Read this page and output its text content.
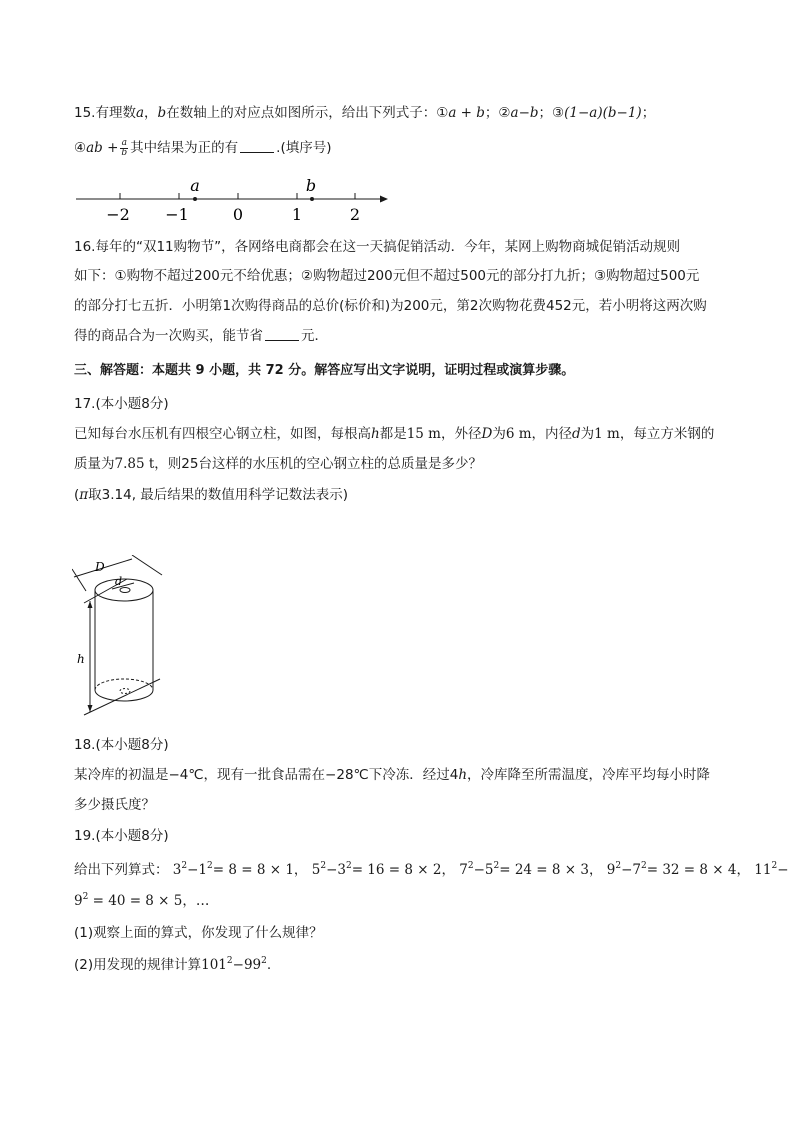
15.有理数a，b在数轴上的对应点如图所示，给出下列式子：①a + b；②a−b；③(1−a)(b−1)；
④ab + $\frac{a}{b}$ 其中结果为正的有	.(填序号)
−2 −1	0	1	2
a	b
16.每年的“双11购物节”，各网络电商都会在这一天搞促销活动．今年，某网上购物商城促销活动规则
如下：①购物不超过200元不给优惠；②购物超过200元但不超过500元的部分打九折；③购物超过500元
的部分打七五折．小明第1次购得商品的总价(标价和)为200元，第2次购物花费452元，若小明将这两次购
得的商品合为一次购买，能节省	元．
三、解答题：本题共 9 小题，共 72 分。解答应写出文字说明，证明过程或演算步骤。
17.(本小题8分)
已知每台水压机有四根空心钢立柱，如图，每根高h都是15 m，外径D为6 m，内径d为1 m，每立方米钢的
质量为7.85 t，则25台这样的水压机的空心钢立柱的总质量是多少？
(π取3.14, 最后结果的数值用科学记数法表示)
D
d
h
18.(本小题8分)
某冷库的初温是−4℃，现有一批食品需在−28℃下冷冻．经过4h，冷库降至所需温度，冷库平均每小时降
多少摄氏度？
19.(本小题8分)
给出下列算式： $3^2-1^2= 8 = 8 \times 1$， $5^2-3^2= 16 = 8 \times 2$， $7^2-5^2= 24 = 8 \times 3$， $9^2-7^2= 32 = 8 \times 4$， $11^2-$
$9^2 = 40 = 8 \times 5$，…
(1)观察上面的算式，你发现了什么规律？
(2)用发现的规律计算$101^2-99^2$.
